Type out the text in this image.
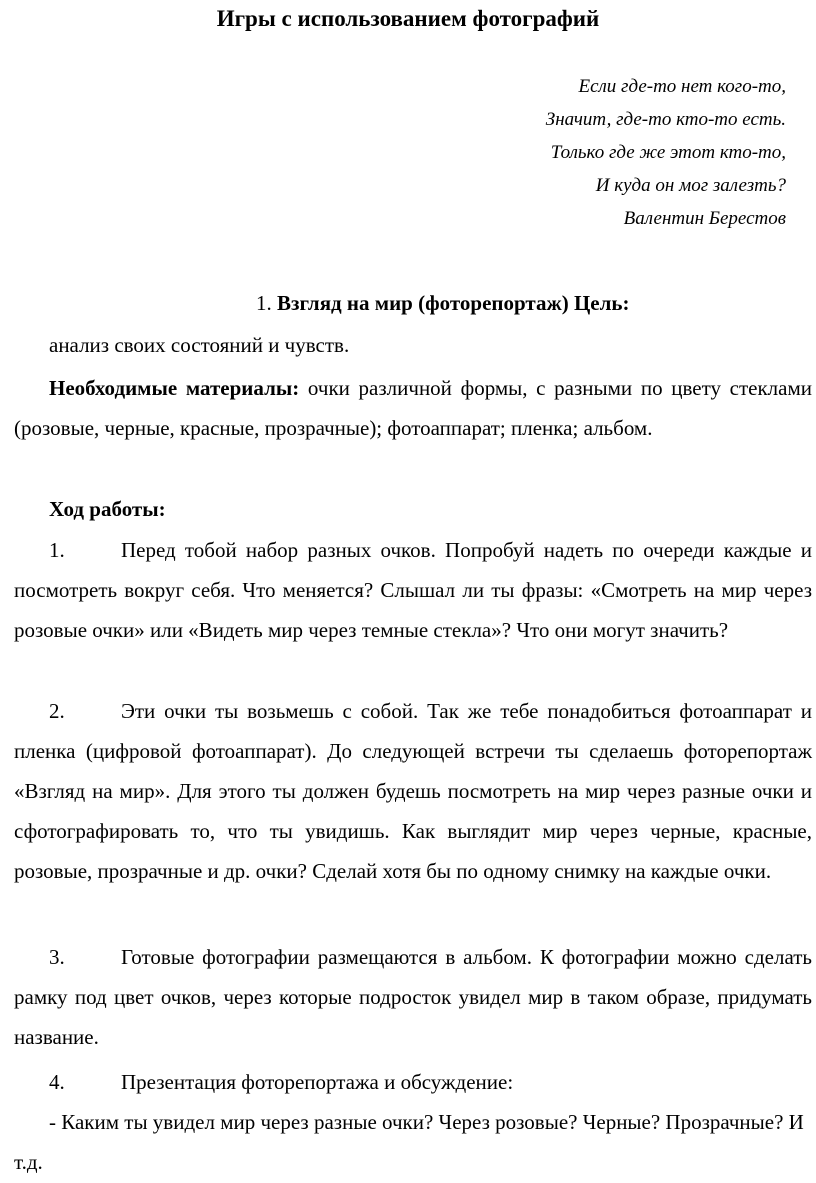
Игры с использованием фотографий
Если где-то нет кого-то,
Значит, где-то кто-то есть.
Только где же этот кто-то,
И куда он мог залезть?
Валентин Берестов
1. Взгляд на мир (фоторепортаж) Цель:
анализ своих состояний и чувств.
Необходимые материалы: очки различной формы, с разными по цвету стеклами (розовые, черные, красные, прозрачные); фотоаппарат; пленка; альбом.
Ход работы:
1.	Перед тобой набор разных очков. Попробуй надеть по очереди каждые и посмотреть вокруг себя. Что меняется? Слышал ли ты фразы: «Смотреть на мир через розовые очки» или «Видеть мир через темные стекла»? Что они могут значить?
2.	Эти очки ты возьмешь с собой. Так же тебе понадобиться фотоаппарат и пленка (цифровой фотоаппарат). До следующей встречи ты сделаешь фоторепортаж «Взгляд на мир». Для этого ты должен будешь посмотреть на мир через разные очки и сфотографировать то, что ты увидишь. Как выглядит мир через черные, красные, розовые, прозрачные и др. очки? Сделай хотя бы по одному снимку на каждые очки.
3.	Готовые фотографии размещаются в альбом. К фотографии можно сделать рамку под цвет очков, через которые подросток увидел мир в таком образе, придумать название.
4.	Презентация фоторепортажа и обсуждение:
- Каким ты увидел мир через разные очки? Через розовые? Черные? Прозрачные? И т.д.
